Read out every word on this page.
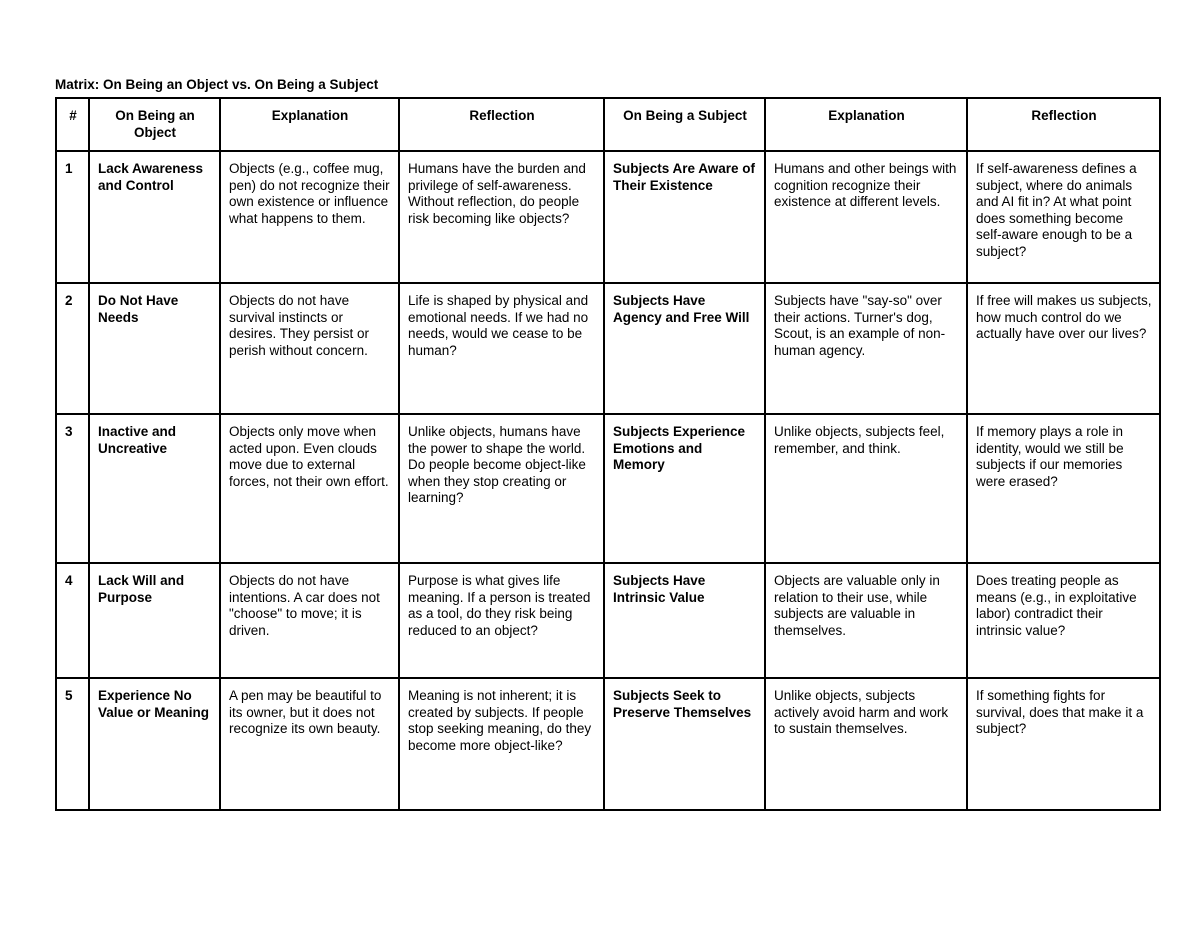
Matrix: On Being an Object vs. On Being a Subject
#	On Being an Object	Explanation	Reflection	On Being a Subject	Explanation	Reflection
1	Lack Awareness and Control	Objects (e.g., coffee mug, pen) do not recognize their own existence or influence what happens to them.	Humans have the burden and privilege of self-awareness. Without reflection, do people risk becoming like objects?	Subjects Are Aware of Their Existence	Humans and other beings with cognition recognize their existence at different levels.	If self-awareness defines a subject, where do animals and AI fit in? At what point does something become self-aware enough to be a subject?
2	Do Not Have Needs	Objects do not have survival instincts or desires. They persist or perish without concern.	Life is shaped by physical and emotional needs. If we had no needs, would we cease to be human?	Subjects Have Agency and Free Will	Subjects have "say-so" over their actions. Turner's dog, Scout, is an example of non-human agency.	If free will makes us subjects, how much control do we actually have over our lives?
3	Inactive and Uncreative	Objects only move when acted upon. Even clouds move due to external forces, not their own effort.	Unlike objects, humans have the power to shape the world. Do people become object-like when they stop creating or learning?	Subjects Experience Emotions and Memory	Unlike objects, subjects feel, remember, and think.	If memory plays a role in identity, would we still be subjects if our memories were erased?
4	Lack Will and Purpose	Objects do not have intentions. A car does not "choose" to move; it is driven.	Purpose is what gives life meaning. If a person is treated as a tool, do they risk being reduced to an object?	Subjects Have Intrinsic Value	Objects are valuable only in relation to their use, while subjects are valuable in themselves.	Does treating people as means (e.g., in exploitative labor) contradict their intrinsic value?
5	Experience No Value or Meaning	A pen may be beautiful to its owner, but it does not recognize its own beauty.	Meaning is not inherent; it is created by subjects. If people stop seeking meaning, do they become more object-like?	Subjects Seek to Preserve Themselves	Unlike objects, subjects actively avoid harm and work to sustain themselves.	If something fights for survival, does that make it a subject?
